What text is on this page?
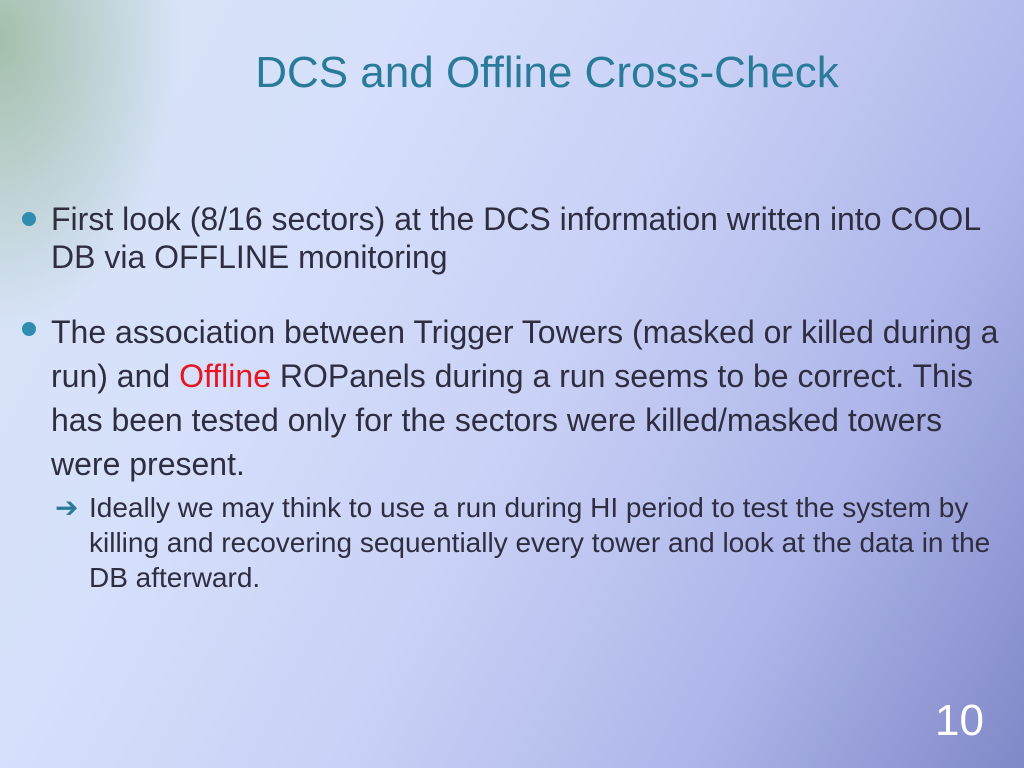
DCS and Offline Cross-Check
First look (8/16 sectors) at the DCS information written into COOL DB via OFFLINE monitoring
The association between Trigger Towers (masked or killed during a run) and Offline ROPanels during a run seems to be correct. This has been tested only for the sectors were killed/masked towers were present.
➔ Ideally we may think to use a run during HI period to test the system by killing and recovering sequentially every tower and look at the data in the DB afterward.
10
